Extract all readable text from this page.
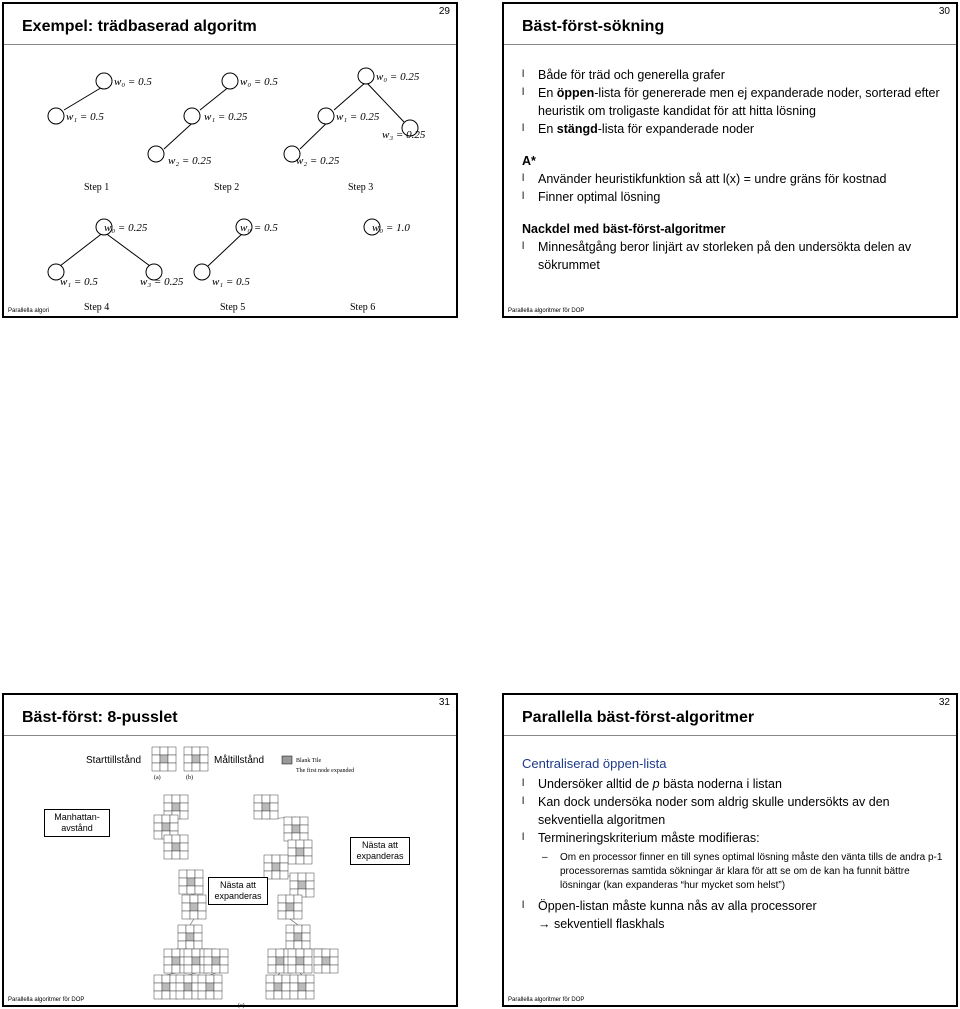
29
Exempel: trädbaserad algoritm
w₀ = 0.5
w₁ = 0.5
w₀ = 0.5
w₁ = 0.25
w₂ = 0.25
w₀ = 0.25
w₁ = 0.25
w₃ = 0.25
w₂ = 0.25
w₀ = 0.25
w₁ = 0.5	w₃ = 0.25
w₀ = 0.5
w₁ = 0.5
w₀ = 1.0
Step 1	Step 2	Step 3
Step 4	Step 5	Step 6
Parallella algori
30
Bäst-först-sökning
l Både för träd och generella grafer
l En öppen-lista för genererade men ej expanderade noder, sorterad efter heuristik om troligaste kandidat för att hitta lösning
l En stängd-lista för expanderade noder
A*
l Använder heuristikfunktion så att l(x) = undre gräns för kostnad
l Finner optimal lösning
Nackdel med bäst-först-algoritmer
l Minnesåtgång beror linjärt av storleken på den undersökta delen av sökrummet
Parallella algoritmer för DOP
31
Bäst-först: 8-pusslet
(a)	(b)
(c)
Blank Tile
The first node expanded
Starttillstånd	Måltillstånd
Manhattan-avstånd
Nästa att expanderas
Nästa att expanderas
Parallella algoritmer för DOP
32
Parallella bäst-först-algoritmer
Centraliserad öppen-lista
l Undersöker alltid de p bästa noderna i listan
l Kan dock undersöka noder som aldrig skulle undersökts av den sekventiella algoritmen
l Termineringskriterium måste modifieras:
– Om en processor finner en till synes optimal lösning måste den vänta tills de andra p-1 processorernas samtida sökningar är klara för att se om de kan ha funnit bättre lösningar (kan expanderas “hur mycket som helst”)
l Öppen-listan måste kunna nås av alla processorer
→ sekventiell flaskhals
Parallella algoritmer för DOP
